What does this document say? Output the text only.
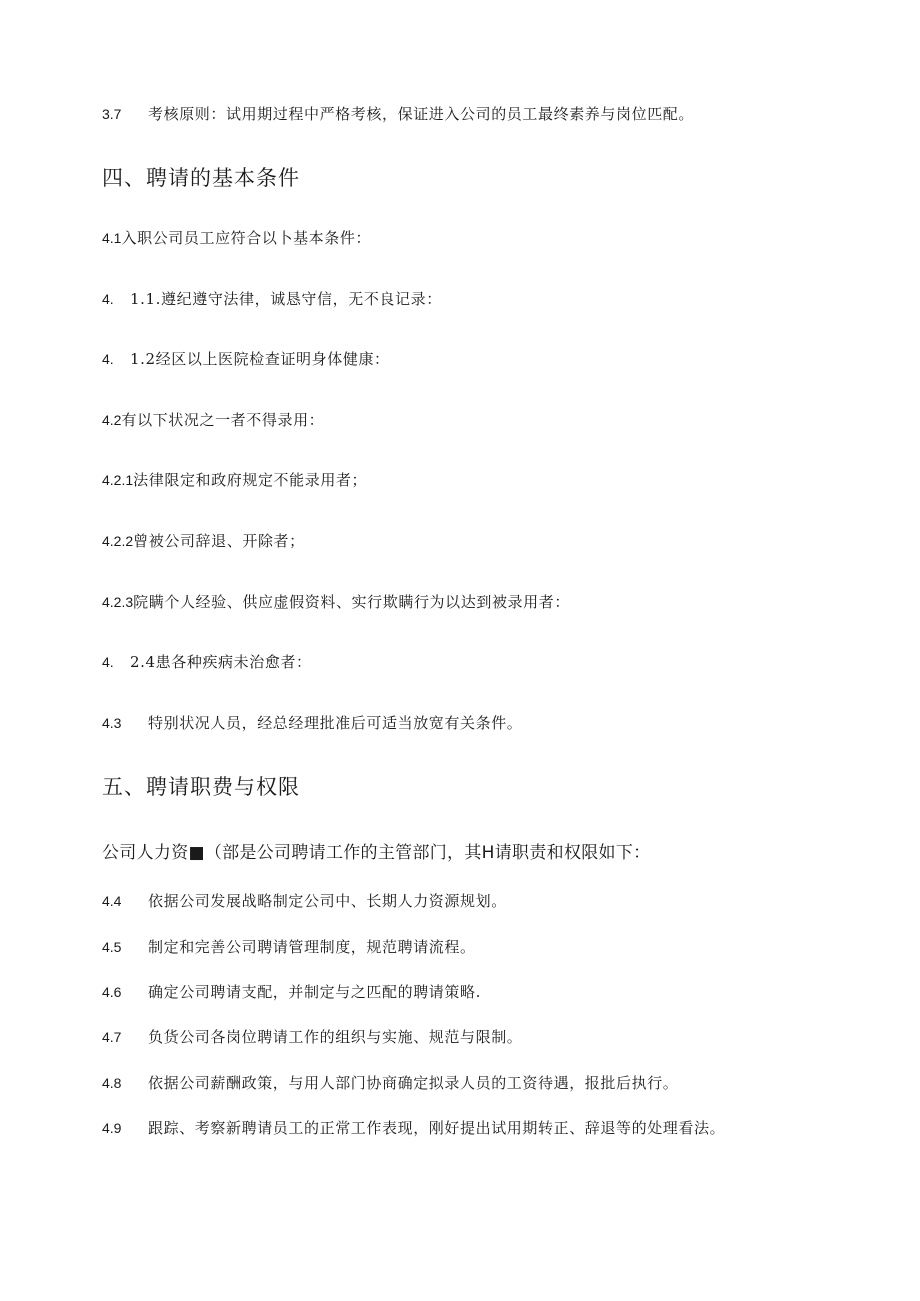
3.7 考核原则：试用期过程中严格考核，保证进入公司的员工最终素养与岗位匹配。
四、聘请的基本条件
4.1入职公司员工应符合以卜基本条件：
4. 1.1.遵纪遵守法律，诚恳守信，无不良记录：
4. 1.2经区以上医院检查证明身体健康：
4.2有以下状况之一者不得录用：
4.2.1法律限定和政府规定不能录用者；
4.2.2曾被公司辞退、开除者；
4.2.3院瞒个人经验、供应虚假资料、实行欺瞒行为以达到被录用者：
4. 2.4患各种疾病未治愈者：
4.3 特别状况人员，经总经理批准后可适当放宽有关条件。
五、聘请职费与权限
公司人力资■（部是公司聘请工作的主管部门，其H请职责和权限如下：
4.4 依据公司发展战略制定公司中、长期人力资源规划。
4.5 制定和完善公司聘请管理制度，规范聘请流程。
4.6 确定公司聘请支配，并制定与之匹配的聘请策略.
4.7 负货公司各岗位聘请工作的组织与实施、规范与限制。
4.8 依据公司薪酬政策，与用人部门协商确定拟录人员的工资待遇，报批后执行。
4.9 跟踪、考察新聘请员工的正常工作表现，刚好提出试用期转正、辞退等的处理看法。
